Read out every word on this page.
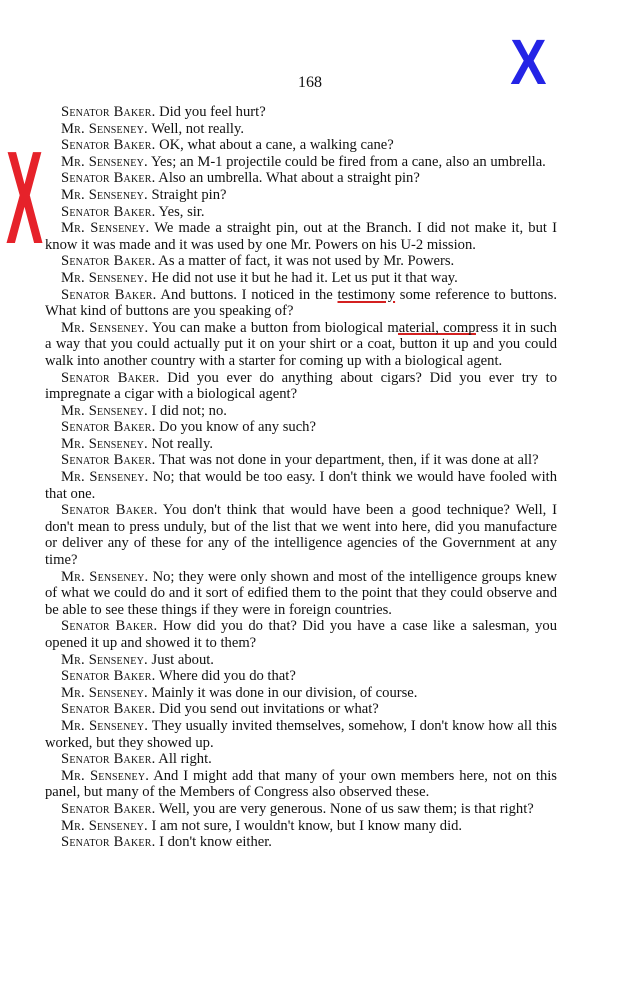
168	X
X

Senator Baker. Did you feel hurt?

Mr. Senseney. Well, not really.

Senator Baker. OK, what about a cane, a walking cane?

Mr. Senseney. Yes; an M-1 projectile could be fired from a cane, also an umbrella.

Senator Baker. Also an umbrella. What about a straight pin?

Mr. Senseney. Straight pin?

Senator Baker. Yes, sir.

Mr. Senseney. We made a straight pin, out at the Branch. I did not make it, but I know it was made and it was used by one Mr. Powers on his U-2 mission.

Senator Baker. As a matter of fact, it was not used by Mr. Powers.

Mr. Senseney. He did not use it but he had it. Let us put it that way.

Senator Baker. And buttons. I noticed in the testimony some reference to buttons. What kind of buttons are you speaking of?

Mr. Senseney. You can make a button from biological material, compress it in such a way that you could actually put it on your shirt or a coat, button it up and you could walk into another country with a starter for coming up with a biological agent.

Senator Baker. Did you ever do anything about cigars? Did you ever try to impregnate a cigar with a biological agent?

Mr. Senseney. I did not; no.

Senator Baker. Do you know of any such?

Mr. Senseney. Not really.

Senator Baker. That was not done in your department, then, if it was done at all?

Mr. Senseney. No; that would be too easy. I don't think we would have fooled with that one.

Senator Baker. You don't think that would have been a good technique? Well, I don't mean to press unduly, but of the list that we went into here, did you manufacture or deliver any of these for any of the intelligence agencies of the Government at any time?

Mr. Senseney. No; they were only shown and most of the intelligence groups knew of what we could do and it sort of edified them to the point that they could observe and be able to see these things if they were in foreign countries.

Senator Baker. How did you do that? Did you have a case like a salesman, you opened it up and showed it to them?

Mr. Senseney. Just about.

Senator Baker. Where did you do that?

Mr. Senseney. Mainly it was done in our division, of course.

Senator Baker. Did you send out invitations or what?

Mr. Senseney. They usually invited themselves, somehow, I don't know how all this worked, but they showed up.

Senator Baker. All right.

Mr. Senseney. And I might add that many of your own members here, not on this panel, but many of the Members of Congress also observed these.

Senator Baker. Well, you are very generous. None of us saw them; is that right?

Mr. Senseney. I am not sure, I wouldn't know, but I know many did.

Senator Baker. I don't know either.
